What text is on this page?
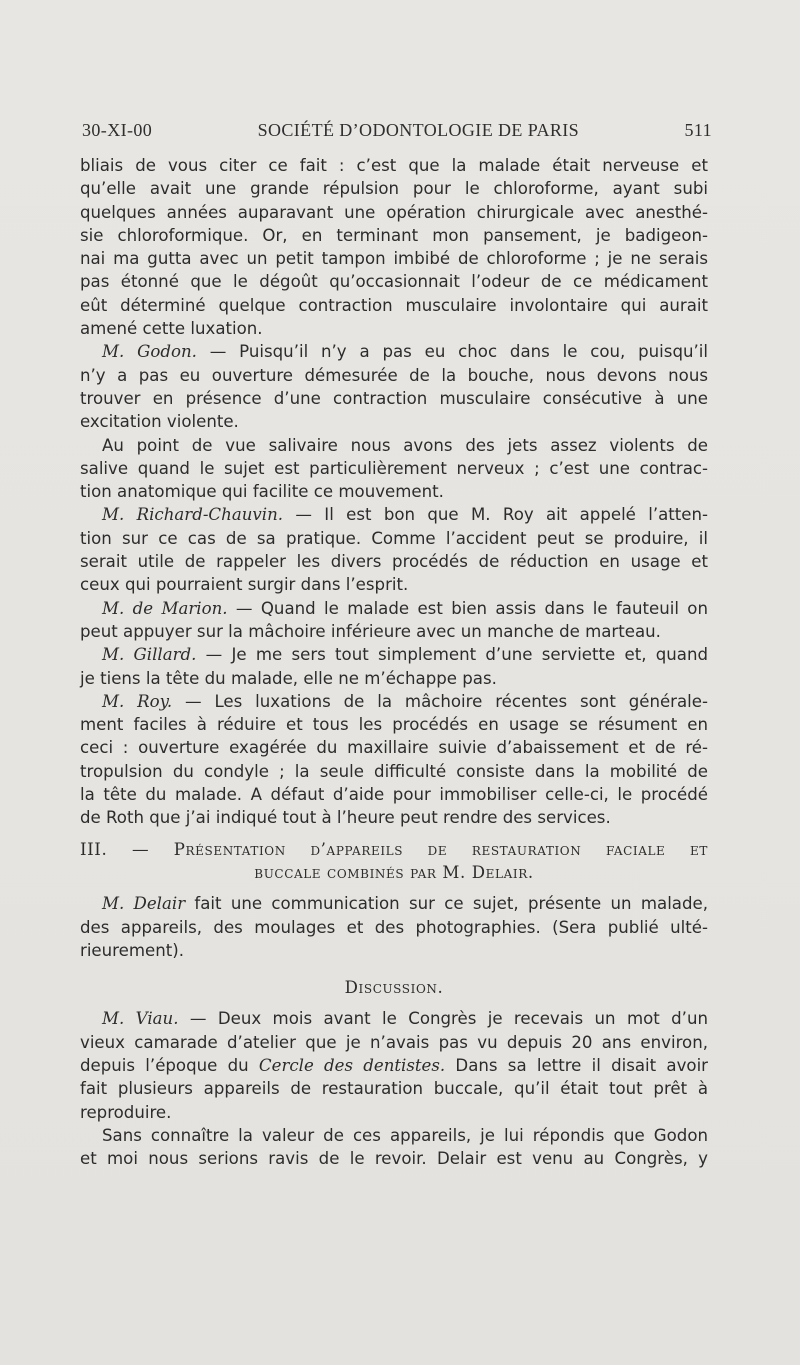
30-XI-00	SOCIÉTÉ D’ODONTOLOGIE DE PARIS	511
bliais de vous citer ce fait : c’est que la malade était nerveuse et
qu’elle avait une grande répulsion pour le chloroforme, ayant subi
quelques années auparavant une opération chirurgicale avec anesthé-
sie chloroformique. Or, en terminant mon pansement, je badigeon-
nai ma gutta avec un petit tampon imbibé de chloroforme ; je ne serais
pas étonné que le dégoût qu’occasionnait l’odeur de ce médicament
eût déterminé quelque contraction musculaire involontaire qui aurait
amené cette luxation.
M. Godon. — Puisqu’il n’y a pas eu choc dans le cou, puisqu’il
n’y a pas eu ouverture démesurée de la bouche, nous devons nous
trouver en présence d’une contraction musculaire consécutive à une
excitation violente.
Au point de vue salivaire nous avons des jets assez violents de
salive quand le sujet est particulièrement nerveux ; c’est une contrac-
tion anatomique qui facilite ce mouvement.
M. Richard-Chauvin. — Il est bon que M. Roy ait appelé l’atten-
tion sur ce cas de sa pratique. Comme l’accident peut se produire, il
serait utile de rappeler les divers procédés de réduction en usage et
ceux qui pourraient surgir dans l’esprit.
M. de Marion. — Quand le malade est bien assis dans le fauteuil on
peut appuyer sur la mâchoire inférieure avec un manche de marteau.
M. Gillard. — Je me sers tout simplement d’une serviette et, quand
je tiens la tête du malade, elle ne m’échappe pas.
M. Roy. — Les luxations de la mâchoire récentes sont générale-
ment faciles à réduire et tous les procédés en usage se résument en
ceci : ouverture exagérée du maxillaire suivie d’abaissement et de ré-
tropulsion du condyle ; la seule difficulté consiste dans la mobilité de
la tête du malade. A défaut d’aide pour immobiliser celle-ci, le procédé
de Roth que j’ai indiqué tout à l’heure peut rendre des services.
III. — Présentation d’appareils de restauration faciale et
buccale combinés par M. Delair.
M. Delair fait une communication sur ce sujet, présente un malade,
des appareils, des moulages et des photographies. (Sera publié ulté-
rieurement).
Discussion.
M. Viau. — Deux mois avant le Congrès je recevais un mot d’un
vieux camarade d’atelier que je n’avais pas vu depuis 20 ans environ,
depuis l’époque du Cercle des dentistes. Dans sa lettre il disait avoir
fait plusieurs appareils de restauration buccale, qu’il était tout prêt à
reproduire.
Sans connaître la valeur de ces appareils, je lui répondis que Godon
et moi nous serions ravis de le revoir. Delair est venu au Congrès, y
